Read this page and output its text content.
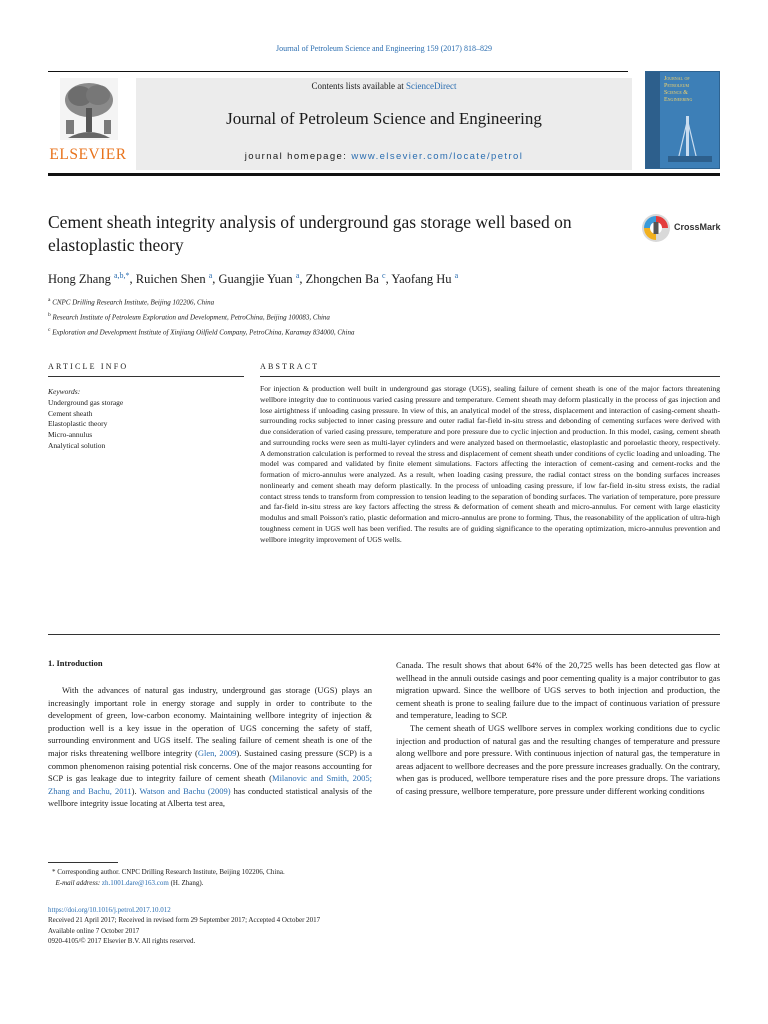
Journal of Petroleum Science and Engineering 159 (2017) 818–829
ELSEVIER
Contents lists available at ScienceDirect
Journal of Petroleum Science and Engineering
journal homepage: www.elsevier.com/locate/petrol
Journal of
Petroleum
Science &
Engineering
Cement sheath integrity analysis of underground gas storage well based on elastoplastic theory
CrossMark
Hong Zhang $^{a,b,*}$, Ruichen Shen $^a$, Guangjie Yuan $^a$, Zhongchen Ba $^c$, Yaofang Hu $^a$
$^a$ CNPC Drilling Research Institute, Beijing 102206, China
$^b$ Research Institute of Petroleum Exploration and Development, PetroChina, Beijing 100083, China
$^c$ Exploration and Development Institute of Xinjiang Oilfield Company, PetroChina, Karamay 834000, China
ARTICLE INFO	ABSTRACT
Keywords:
Underground gas storage
Cement sheath
Elastoplastic theory
Micro-annulus
Analytical solution
For injection & production well built in underground gas storage (UGS), sealing failure of cement sheath is one of the major factors threatening wellbore integrity due to continuous varied casing pressure and temperature. Cement sheath may deform plastically in the process of gas injection and lose airtightness if unloading casing pressure. In view of this, an analytical model of the stress, displacement and interaction of casing-cement sheath-surrounding rocks subjected to inner casing pressure and outer radial far-field in-situ stress and debonding of cementing surfaces were derived with due consideration of varied casing pressure, temperature and pore pressure due to cyclic injection and production. In this model, casing, cement sheath and surrounding rocks were seen as multi-layer cylinders and were analyzed based on thermoelastic, elastoplastic and poroelastic theory, respectively. A demonstration calculation is performed to reveal the stress and displacement of cement sheath under conditions of cyclic loading and unloading. The model was compared and validated by finite element simulations. Factors affecting the interaction of cement-casing and cement-rocks and the formation of micro-annulus were analyzed. As a result, when loading casing pressure, the radial contact stress on the bonding surfaces increases nonlinearly and cement sheath may deform plastically. In the process of unloading casing pressure, if low far-field in-situ stress exists, the radial contact stress tends to transform from compression to tension leading to the separation of bonding surfaces. The variation of temperature, pore pressure and far-field in-situ stress are key factors affecting the stress & deformation of cement sheath and micro-annulus. For cement with large elasticity modulus and small Poisson's ratio, plastic deformation and micro-annulus are prone to forming. Thus, the reasonability of the application of ultra-high toughness cement in UGS well has been verified. The results are of guiding significance to the operating optimization, micro-annulus prevention and wellbore integrity improvement of UGS wells.
1. Introduction

With the advances of natural gas industry, underground gas storage (UGS) plays an increasingly important role in energy storage and supply in order to contribute to the development of green, low-carbon economy. Maintaining wellbore integrity of injection & production well is a key issue in the operation of UGS concerning the safety of staff, surrounding environment and UGS itself. The sealing failure of cement sheath is one of the major risks threatening wellbore integrity (Glen, 2009). Sustained casing pressure (SCP) is a common phenomenon raising potential risk concerns. One of the major reasons accounting for SCP is gas leakage due to integrity failure of cement sheath (Milanovic and Smith, 2005; Zhang and Bachu, 2011). Watson and Bachu (2009) has conducted statistical analysis of the wellbore integrity issue locating at Alberta test area,

Canada. The result shows that about 64% of the 20,725 wells has been detected gas flow at wellhead in the annuli outside casings and poor cementing quality is a major contributor to gas migration upward. Since the wellbore of UGS serves to both injection and production, the cement sheath is prone to sealing failure due to the impact of continuous variation of pressure and temperature, leading to SCP.

The cement sheath of UGS wellbore serves in complex working conditions due to cyclic injection and production of natural gas and the resulting changes of temperature and pressure along wellbore and pore pressure. With continuous injection of natural gas, the temperature in areas adjacent to wellbore decreases and the pore pressure increases gradually. On the contrary, when gas is produced, wellbore temperature rises and the pore pressure drops. The variations of casing pressure, wellbore temperature, pore pressure under different working conditions

* Corresponding author. CNPC Drilling Research Institute, Beijing 102206, China.
E-mail address: zh.1001.dare@163.com (H. Zhang).
https://doi.org/10.1016/j.petrol.2017.10.012
Received 21 April 2017; Received in revised form 29 September 2017; Accepted 4 October 2017
Available online 7 October 2017
0920-4105/© 2017 Elsevier B.V. All rights reserved.
